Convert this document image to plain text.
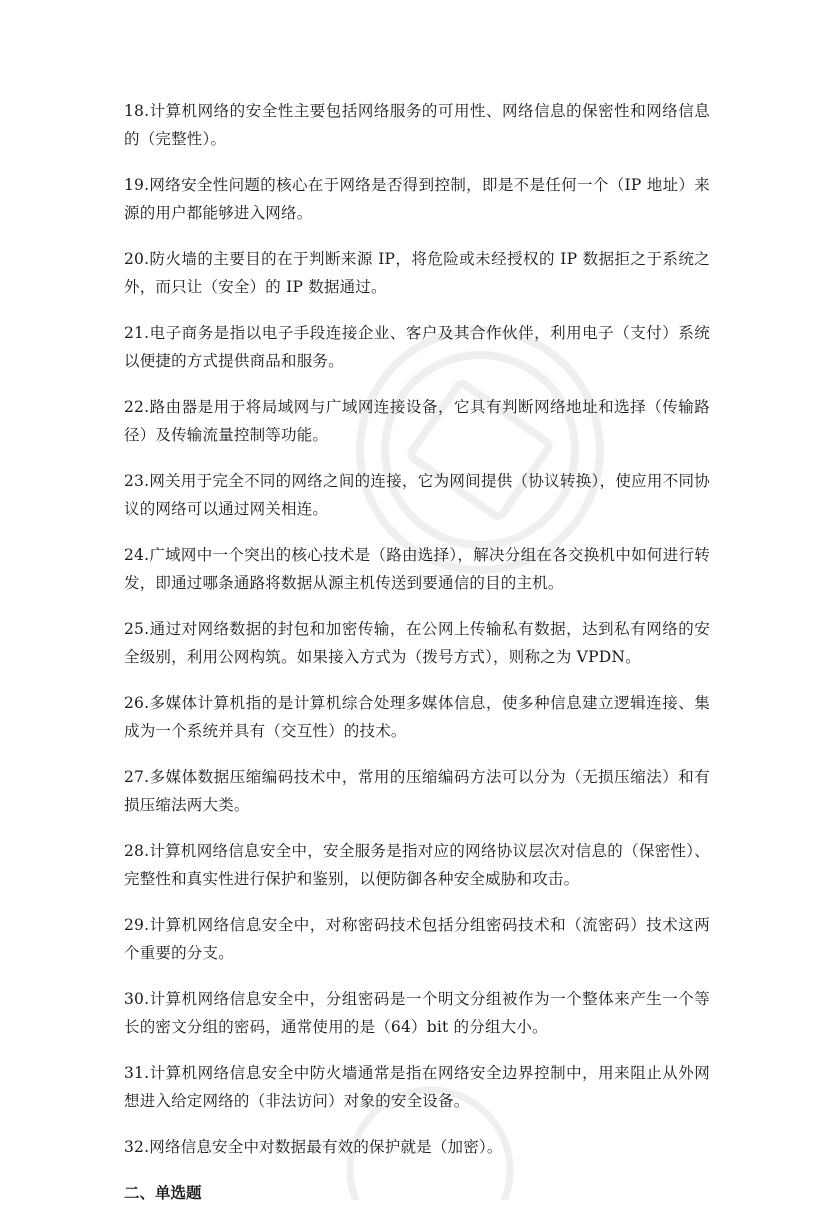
18.计算机网络的安全性主要包括网络服务的可用性、网络信息的保密性和网络信息的（完整性）。

19.网络安全性问题的核心在于网络是否得到控制，即是不是任何一个（IP 地址）来源的用户都能够进入网络。

20.防火墙的主要目的在于判断来源 IP，将危险或未经授权的 IP 数据拒之于系统之外，而只让（安全）的 IP 数据通过。

21.电子商务是指以电子手段连接企业、客户及其合作伙伴，利用电子（支付）系统以便捷的方式提供商品和服务。

22.路由器是用于将局域网与广域网连接设备，它具有判断网络地址和选择（传输路径）及传输流量控制等功能。

23.网关用于完全不同的网络之间的连接，它为网间提供（协议转换），使应用不同协议的网络可以通过网关相连。

24.广域网中一个突出的核心技术是（路由选择），解决分组在各交换机中如何进行转发，即通过哪条通路将数据从源主机传送到要通信的目的主机。

25.通过对网络数据的封包和加密传输，在公网上传输私有数据，达到私有网络的安全级别，利用公网构筑。如果接入方式为（拨号方式），则称之为 VPDN。

26.多媒体计算机指的是计算机综合处理多媒体信息，使多种信息建立逻辑连接、集成为一个系统并具有（交互性）的技术。

27.多媒体数据压缩编码技术中，常用的压缩编码方法可以分为（无损压缩法）和有损压缩法两大类。

28.计算机网络信息安全中，安全服务是指对应的网络协议层次对信息的（保密性）、完整性和真实性进行保护和鉴别，以便防御各种安全威胁和攻击。

29.计算机网络信息安全中，对称密码技术包括分组密码技术和（流密码）技术这两个重要的分支。

30.计算机网络信息安全中，分组密码是一个明文分组被作为一个整体来产生一个等长的密文分组的密码，通常使用的是（64）bit 的分组大小。

31.计算机网络信息安全中防火墙通常是指在网络安全边界控制中，用来阻止从外网想进入给定网络的（非法访问）对象的安全设备。

32.网络信息安全中对数据最有效的保护就是（加密）。

二、单选题
